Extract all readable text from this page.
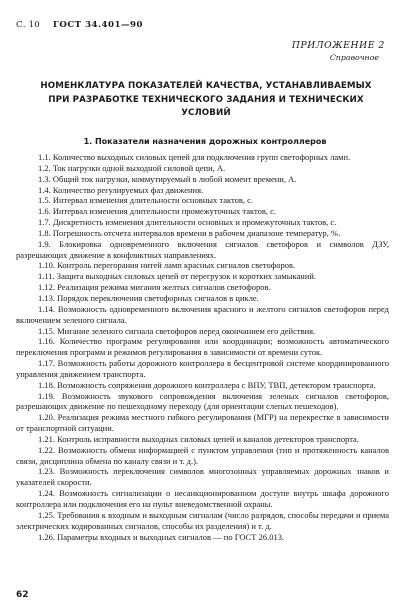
С. 10 ГОСТ 34.401—90
ПРИЛОЖЕНИЕ 2
Справочное
НОМЕНКЛАТУРА ПОКАЗАТЕЛЕЙ КАЧЕСТВА, УСТАНАВЛИВАЕМЫХ ПРИ РАЗРАБОТКЕ ТЕХНИЧЕСКОГО ЗАДАНИЯ И ТЕХНИЧЕСКИХ УСЛОВИЙ
1. Показатели назначения дорожных контроллеров

1.1. Количество выходных силовых цепей для подключения групп светофорных ламп.

1.2. Ток нагрузки одной выходной силовой цепи, А.

1.3. Общий ток нагрузки, коммутируемый в любой момент времени, А.

1.4. Количество регулируемых фаз движения.

1.5. Интервал изменения длительности основных тактов, с.

1.6. Интервал изменения длительности промежуточных тактов, с.

1.7. Дискретность изменения длительности основных и промежуточных тактов, с.

1.8. Погрешность отсчета интервалов времени в рабочем диапазоне температур, %.

1.9. Блокировка одновременного включения сигналов светофоров и символов ДЗУ, разрешающих движение в конфликтных направлениях.

1.10. Контроль перегорания нитей ламп красных сигналов светофоров.

1.11. Защита выходных силовых цепей от перегрузок и коротких замыканий.

1.12. Реализация режима мигания желтых сигналов светофоров.

1.13. Порядок переключения светофорных сигналов в цикле.

1.14. Возможность одновременного включения красного и желтого сигналов светофоров перед включением зеленого сигнала.

1.15. Мигание зеленого сигнала светофоров перед окончанием его действия.

1.16. Количество программ регулирования или координации; возможность автоматического переключения программ и режимов регулирования в зависимости от времени суток.

1.17. Возможность работы дорожного контроллера в бесцентровой системе координированного управления движением транспорта.

1.18. Возможность сопряжения дорожного контроллера с ВПУ, ТВП, детектором транспорта.

1.19. Возможность звукового сопровождения включения зеленых сигналов светофоров, разрешающих движение по пешеходному переходу (для ориентации слепых пешеходов).

1.20. Реализация режима местного гибкого регулирования (МГР) на перекрестке в зависимости от транспортной ситуации.

1.21. Контроль исправности выходных силовых цепей и каналов детекторов транспорта.

1.22. Возможность обмена информацией с пунктом управления (тип и протяженность каналов связи, дисциплина обмена по каналу связи и т. д.).

1.23. Возможность переключения символов многозонных управляемых дорожных знаков и указателей скорости.

1.24. Возможность сигнализации о несанкционированном доступе внутрь шкафа дорожного контроллера или подключения его на пульт вневедомственной охраны.

1.25. Требования к входным и выходным сигналам (число разрядов, способы передачи и приема электрических кодированных сигналов, способы их разделения) и т. д.

1.26. Параметры входных и выходных сигналов — по ГОСТ 26.013.

62
